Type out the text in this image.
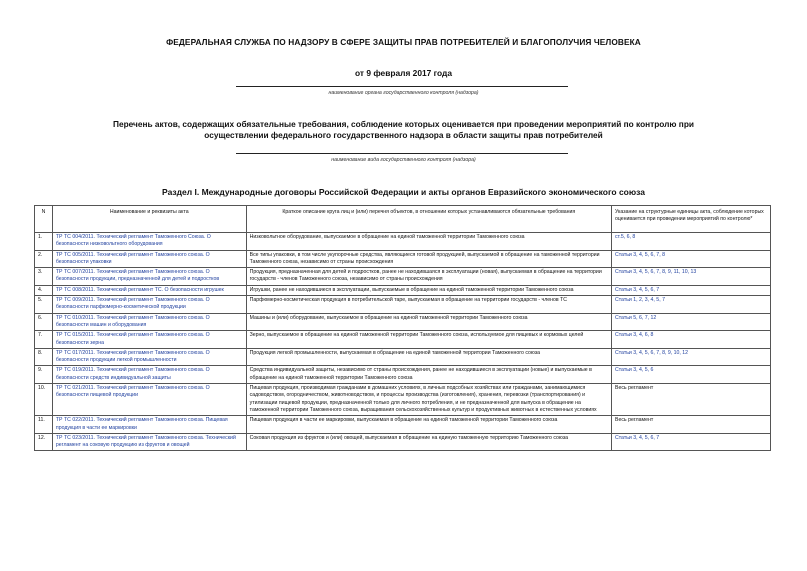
ФЕДЕРАЛЬНАЯ СЛУЖБА ПО НАДЗОРУ В СФЕРЕ ЗАЩИТЫ ПРАВ ПОТРЕБИТЕЛЕЙ И БЛАГОПОЛУЧИЯ ЧЕЛОВЕКА
от 9 февраля 2017 года
наименование органа государственного контроля (надзора)
Перечень актов, содержащих обязательные требования, соблюдение которых оценивается при проведении мероприятий по контролю при осуществлении федерального государственного надзора в области защиты прав потребителей
наименование вида государственного контроля (надзора)
Раздел I. Международные договоры Российской Федерации и акты органов Евразийского экономического союза
N	Наименование и реквизиты акта	Краткое описание круга лиц и (или) перечня объектов, в отношении которых устанавливаются обязательные требования	Указание на структурные единицы акта, соблюдение которых оценивается при проведении мероприятий по контролю*
1.	ТР ТС 004/2011. Технический регламент Таможенного Союза. О безопасности низковольтного оборудования	Низковольтное оборудование, выпускаемое в обращение на единой таможенной территории Таможенного союза	ст.5, 6, 8
2.	ТР ТС 005/2011. Технический регламент Таможенного союза. О безопасности упаковки	Все типы упаковки, в том числе укупорочные средства, являющиеся готовой продукцией, выпускаемой в обращение на таможенной территории Таможенного союза, независимо от страны происхождения	Статьи 3, 4, 5, 6, 7, 8
3.	ТР ТС 007/2011. Технический регламент Таможенного союза. О безопасности продукции, предназначенной для детей и подростков	Продукция, предназначенная для детей и подростков, ранее не находившаяся в эксплуатации (новая), выпускаемая в обращение на территории государств - членов Таможенного союза, независимо от страны происхождения	Статьи 3, 4, 5, 6, 7, 8, 9, 11, 10, 13
4.	ТР ТС 008/2011. Технический регламент ТС. О безопасности игрушек	Игрушки, ранее не находившиеся в эксплуатации, выпускаемые в обращение на единой таможенной территории Таможенного союза	Статьи 3, 4, 5, 6, 7
5.	ТР ТС 009/2011. Технический регламент Таможенного союза. О безопасности парфюмерно-косметической продукции	Парфюмерно-косметическая продукция в потребительской таре, выпускаемая в обращение на территории государств - членов ТС	Статьи 1, 2, 3, 4, 5, 7
6.	ТР ТС 010/2011. Технический регламент Таможенного союза. О безопасности машин и оборудования	Машины и (или) оборудование, выпускаемое в обращение на единой таможенной территории Таможенного союза	Статьи 5, 6, 7, 12
7.	ТР ТС 015/2011. Технический регламент Таможенного союза. О безопасности зерна	Зерно, выпускаемое в обращение на единой таможенной территории Таможенного союза, используемое для пищевых и кормовых целей	Статьи 3, 4, 6, 8
8.	ТР ТС 017/2011. Технический регламент Таможенного союза. О безопасности продукции легкой промышленности	Продукция легкой промышленности, выпускаемая в обращение на единой таможенной территории Таможенного союза	Статьи 3, 4, 5, 6, 7, 8, 9, 10, 12
9.	ТР ТС 019/2011. Технический регламент Таможенного союза. О безопасности средств индивидуальной защиты	Средства индивидуальной защиты, независимо от страны происхождения, ранее не находившиеся в эксплуатации (новые) и выпускаемые в обращение на единой таможенной территории Таможенного союза	Статьи 3, 4, 5, 6
10.	ТР ТС 021/2011. Технический регламент Таможенного союза. О безопасности пищевой продукции	Пищевая продукция, производимая гражданами в домашних условиях, в личных подсобных хозяйствах или гражданами, занимающимися садоводством, огородничеством, животноводством, и процессы производства (изготовления), хранения, перевозки (транспортирования) и утилизации пищевой продукции, предназначенной только для личного потребления, и не предназначенной для выпуска в обращение на таможенной территории Таможенного союза, выращивания сельскохозяйственных культур и продуктивных животных в естественных условиях	Весь регламент
11.	ТР ТС 022/2011. Технический регламент Таможенного союза. Пищевая продукция в части ее маркировки	Пищевая продукция в части ее маркировки, выпускаемая в обращение на единой таможенной территории Таможенного союза	Весь регламент
12.	ТР ТС 023/2011. Технический регламент Таможенного союза. Технический регламент на соковую продукцию из фруктов и овощей	Соковая продукция из фруктов и (или) овощей, выпускаемая в обращение на единую таможенную территорию Таможенного союза	Статьи 3, 4, 5, 6, 7
